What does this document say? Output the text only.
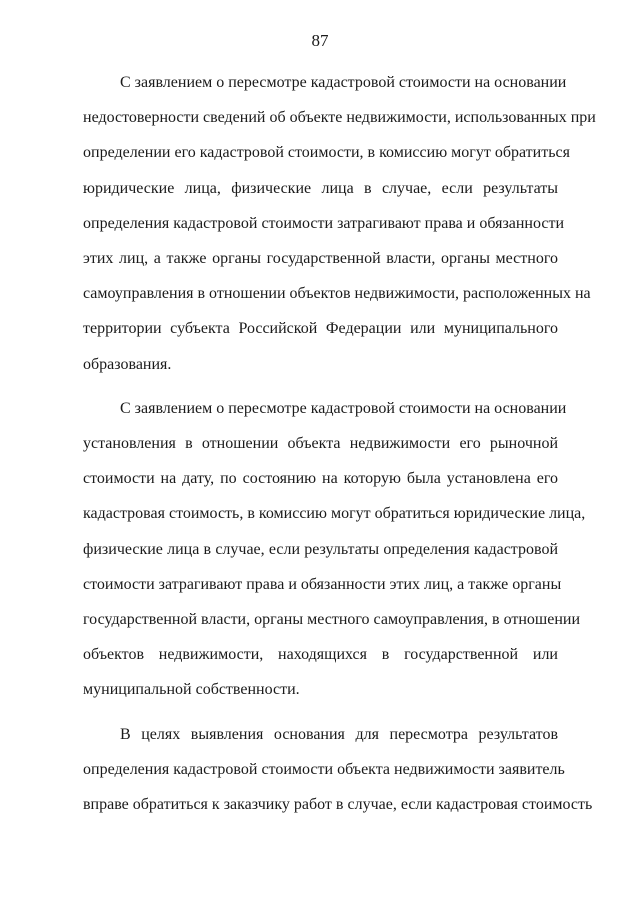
87

С заявлением о пересмотре кадастровой стоимости на основании
недостоверности сведений об объекте недвижимости, использованных при
определении его кадастровой стоимости, в комиссию могут обратиться
юридические лица, физические лица в случае, если результаты
определения кадастровой стоимости затрагивают права и обязанности
этих лиц, а также органы государственной власти, органы местного
самоуправления в отношении объектов недвижимости, расположенных на
территории субъекта Российской Федерации или муниципального
образования.

С заявлением о пересмотре кадастровой стоимости на основании
установления в отношении объекта недвижимости его рыночной
стоимости на дату, по состоянию на которую была установлена его
кадастровая стоимость, в комиссию могут обратиться юридические лица,
физические лица в случае, если результаты определения кадастровой
стоимости затрагивают права и обязанности этих лиц, а также органы
государственной власти, органы местного самоуправления, в отношении
объектов недвижимости, находящихся в государственной или
муниципальной собственности.

В целях выявления основания для пересмотра результатов
определения кадастровой стоимости объекта недвижимости заявитель
вправе обратиться к заказчику работ в случае, если кадастровая стоимость
